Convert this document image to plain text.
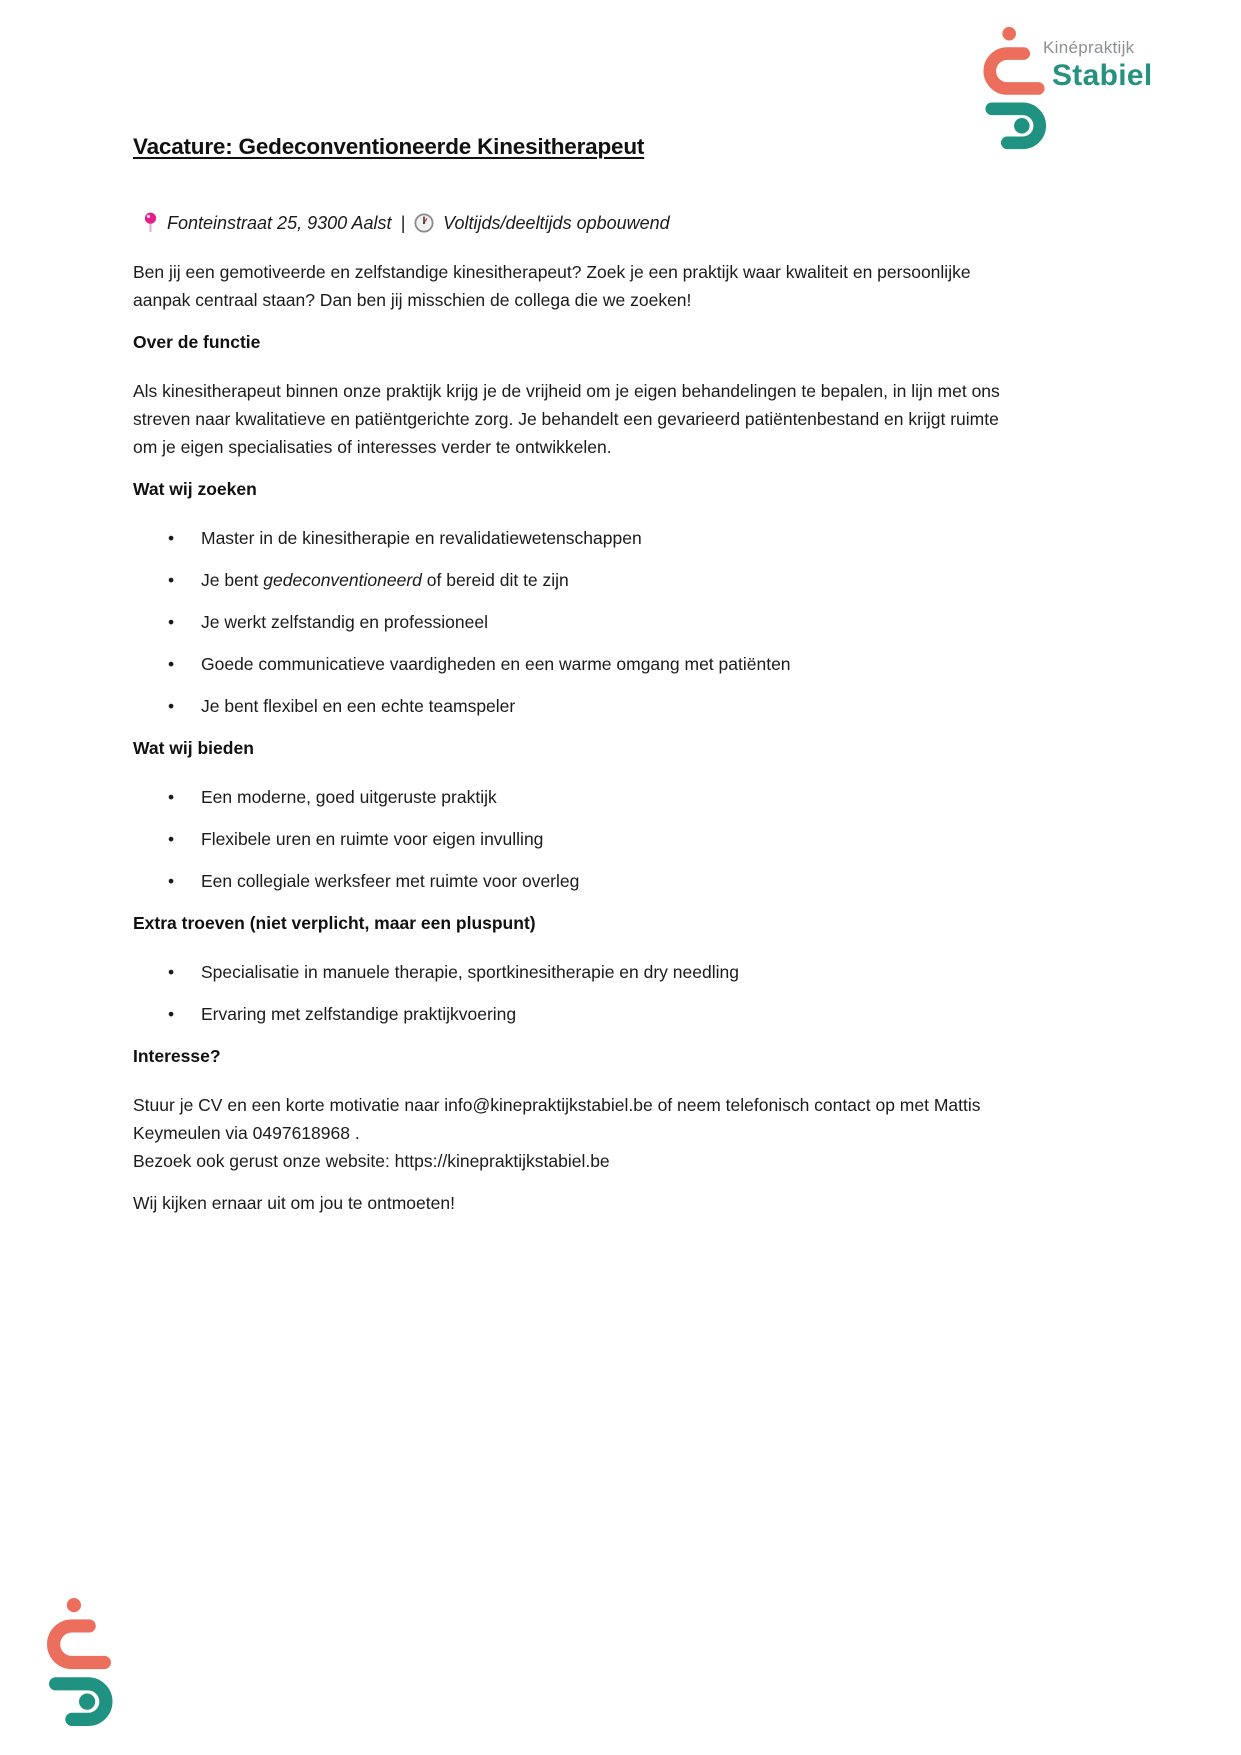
Kinépraktijk
Stabiel
Vacature: Gedeconventioneerde Kinesitherapeut
Fonteinstraat 25, 9300 Aalst | Voltijds/deeltijds opbouwend

Ben jij een gemotiveerde en zelfstandige kinesitherapeut? Zoek je een praktijk waar kwaliteit en persoonlijke aanpak centraal staan? Dan ben jij misschien de collega die we zoeken!

Over de functie

Als kinesitherapeut binnen onze praktijk krijg je de vrijheid om je eigen behandelingen te bepalen, in lijn met ons streven naar kwalitatieve en patiëntgerichte zorg. Je behandelt een gevarieerd patiëntenbestand en krijgt ruimte om je eigen specialisaties of interesses verder te ontwikkelen.

Wat wij zoeken
•	Master in de kinesitherapie en revalidatiewetenschappen
•	Je bent gedeconventioneerd of bereid dit te zijn
•	Je werkt zelfstandig en professioneel
•	Goede communicatieve vaardigheden en een warme omgang met patiënten
•	Je bent flexibel en een echte teamspeler
Wat wij bieden
•	Een moderne, goed uitgeruste praktijk
•	Flexibele uren en ruimte voor eigen invulling
•	Een collegiale werksfeer met ruimte voor overleg
Extra troeven (niet verplicht, maar een pluspunt)
•	Specialisatie in manuele therapie, sportkinesitherapie en dry needling
•	Ervaring met zelfstandige praktijkvoering
Interesse?

Stuur je CV en een korte motivatie naar info@kinepraktijkstabiel.be of neem telefonisch contact op met Mattis Keymeulen via 0497618968 .
Bezoek ook gerust onze website: https://kinepraktijkstabiel.be

Wij kijken ernaar uit om jou te ontmoeten!
